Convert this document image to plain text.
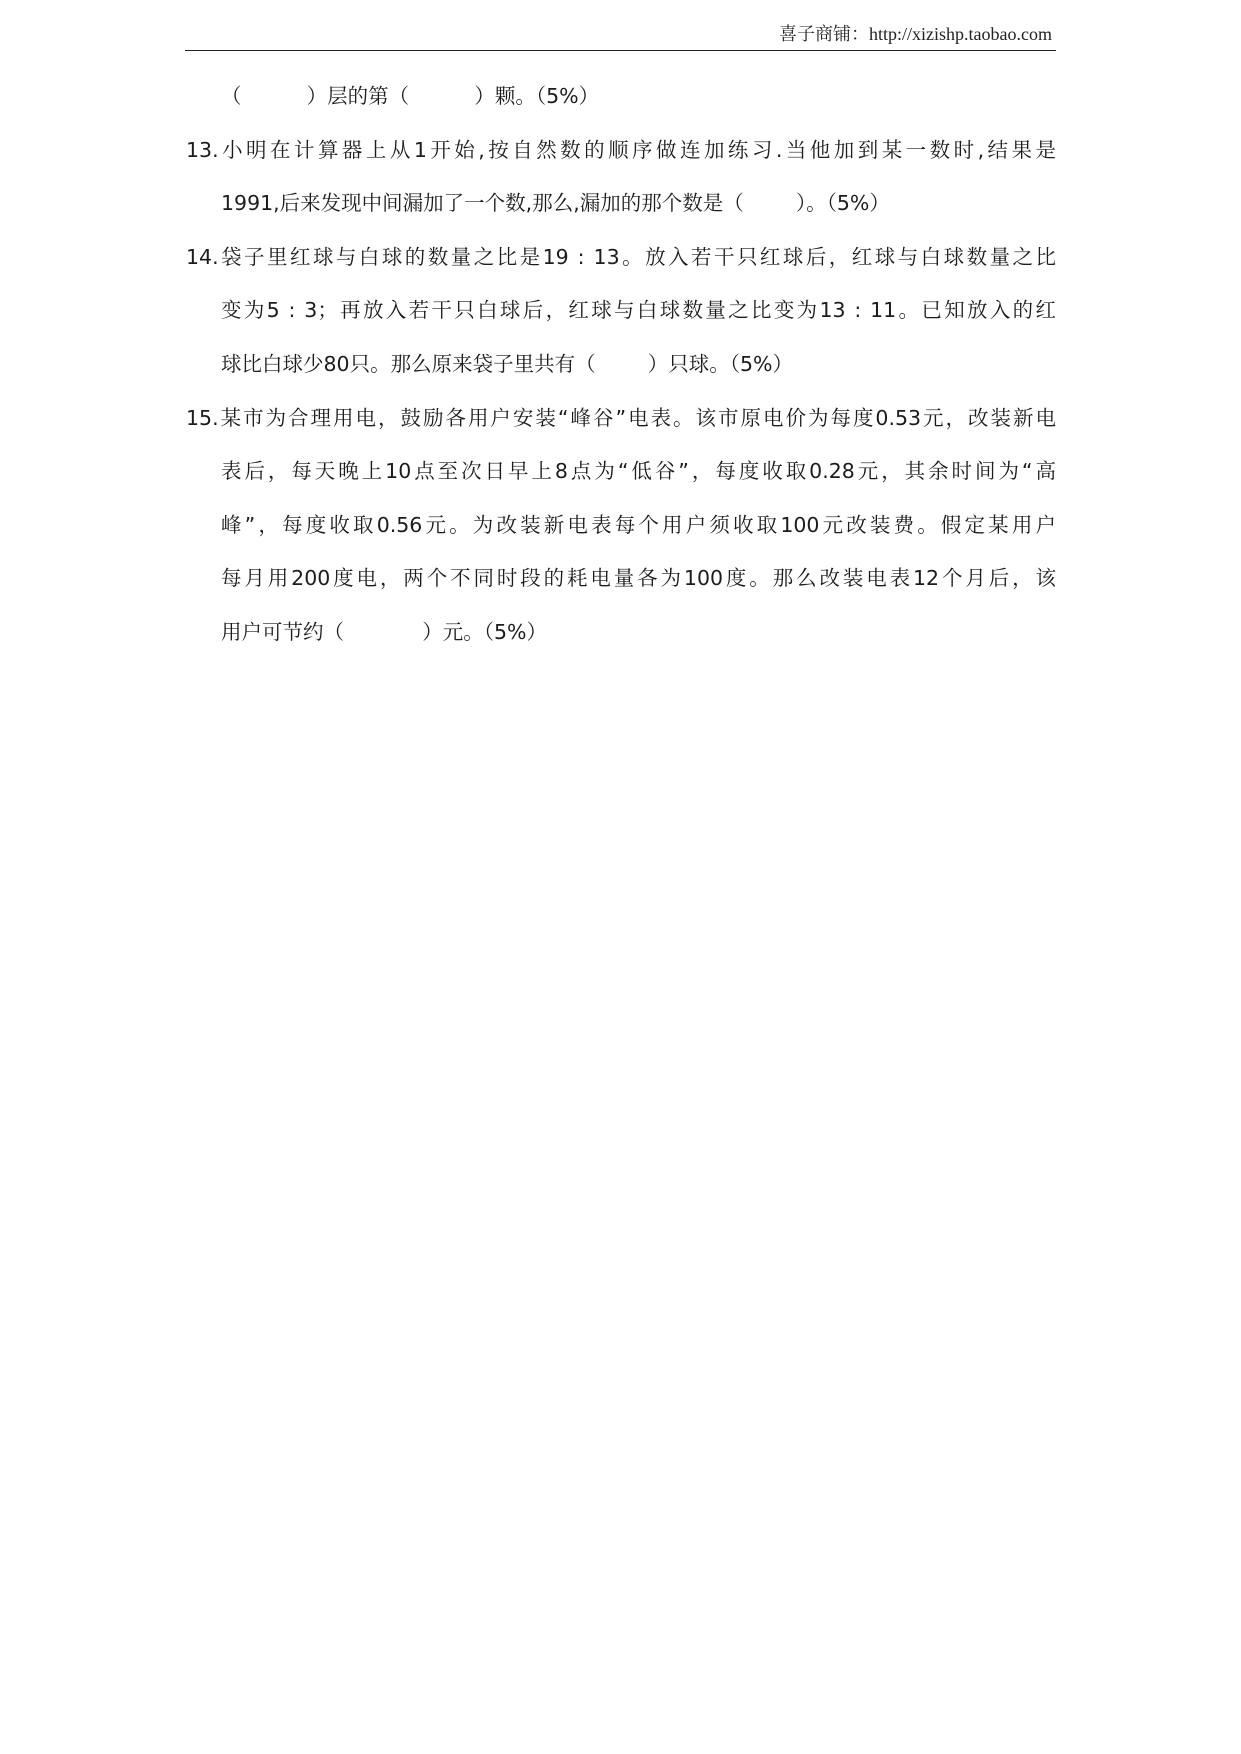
喜子商铺：http://xizishp.taobao.com
（          ）层的第（          ）颗。（5%）
13.小明在计算器上从1开始,按自然数的顺序做连加练习.当他加到某一数时,结果是
1991,后来发现中间漏加了一个数,那么,漏加的那个数是（        ）。（5%）
14.袋子里红球与白球的数量之比是19 : 13。放入若干只红球后，红球与白球数量之比
变为5 : 3；再放入若干只白球后，红球与白球数量之比变为13 : 11。已知放入的红
球比白球少80只。那么原来袋子里共有（        ）只球。（5%）
15.某市为合理用电，鼓励各用户安装“峰谷”电表。该市原电价为每度0.53元，改装新电
表后，每天晚上10点至次日早上8点为“低谷”，每度收取0.28元，其余时间为“高
峰”，每度收取0.56元。为改装新电表每个用户须收取100元改装费。假定某用户
每月用200度电，两个不同时段的耗电量各为100度。那么改装电表12个月后，该
用户可节约（            ）元。（5%）
